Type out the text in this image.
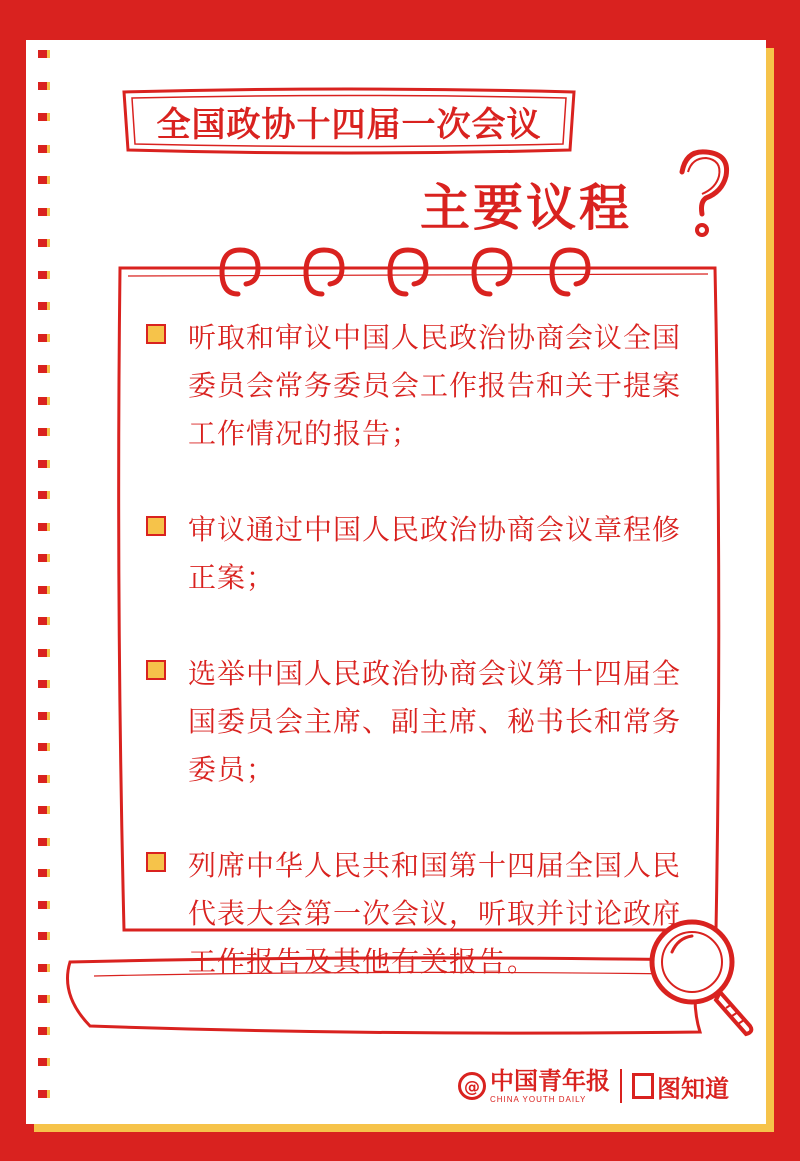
全国政协十四届一次会议
主要议程
听取和审议中国人民政治协商会议全国委员会常务委员会工作报告和关于提案工作情况的报告；
审议通过中国人民政治协商会议章程修正案；
选举中国人民政治协商会议第十四届全国委员会主席、副主席、秘书长和常务委员；
列席中华人民共和国第十四届全国人民代表大会第一次会议，听取并讨论政府工作报告及其他有关报告。
@ 中国青年报
CHINA YOUTH DAILY	图知道
